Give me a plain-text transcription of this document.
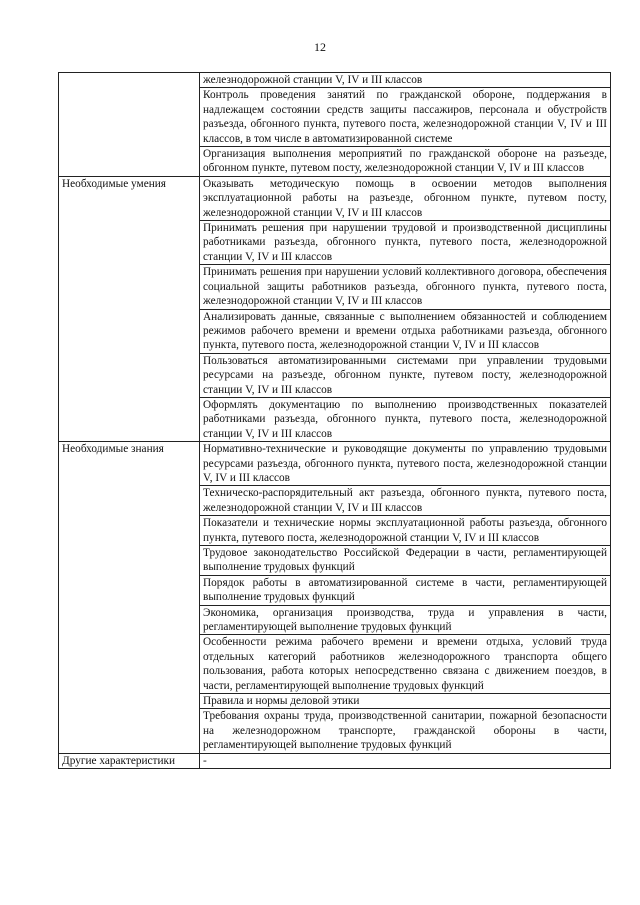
12
	железнодорожной станции V, IV и III классов
	Контроль проведения занятий по гражданской обороне, поддержания в надлежащем состоянии средств защиты пассажиров, персонала и обустройств разъезда, обгонного пункта, путевого поста, железнодорожной станции V, IV и III классов, в том числе в автоматизированной системе
	Организация выполнения мероприятий по гражданской обороне на разъезде, обгонном пункте, путевом посту, железнодорожной станции V, IV и III классов
Необходимые умения	Оказывать методическую помощь в освоении методов выполнения эксплуатационной работы на разъезде, обгонном пункте, путевом посту, железнодорожной станции V, IV и III классов
	Принимать решения при нарушении трудовой и производственной дисциплины работниками разъезда, обгонного пункта, путевого поста, железнодорожной станции V, IV и III классов
	Принимать решения при нарушении условий коллективного договора, обеспечения социальной защиты работников разъезда, обгонного пункта, путевого поста, железнодорожной станции V, IV и III классов
	Анализировать данные, связанные с выполнением обязанностей и соблюдением режимов рабочего времени и времени отдыха работниками разъезда, обгонного пункта, путевого поста, железнодорожной станции V, IV и III классов
	Пользоваться автоматизированными системами при управлении трудовыми ресурсами на разъезде, обгонном пункте, путевом посту, железнодорожной станции V, IV и III классов
	Оформлять документацию по выполнению производственных показателей работниками разъезда, обгонного пункта, путевого поста, железнодорожной станции V, IV и III классов
Необходимые знания	Нормативно-технические и руководящие документы по управлению трудовыми ресурсами разъезда, обгонного пункта, путевого поста, железнодорожной станции V, IV и III классов
	Техническо-распорядительный акт разъезда, обгонного пункта, путевого поста, железнодорожной станции V, IV и III классов
	Показатели и технические нормы эксплуатационной работы разъезда, обгонного пункта, путевого поста, железнодорожной станции V, IV и III классов
	Трудовое законодательство Российской Федерации в части, регламентирующей выполнение трудовых функций
	Порядок работы в автоматизированной системе в части, регламентирующей выполнение трудовых функций
	Экономика, организация производства, труда и управления в части, регламентирующей выполнение трудовых функций
	Особенности режима рабочего времени и времени отдыха, условий труда отдельных категорий работников железнодорожного транспорта общего пользования, работа которых непосредственно связана с движением поездов, в части, регламентирующей выполнение трудовых функций
	Правила и нормы деловой этики
	Требования охраны труда, производственной санитарии, пожарной безопасности на железнодорожном транспорте, гражданской обороны в части, регламентирующей выполнение трудовых функций
Другие характеристики	-
